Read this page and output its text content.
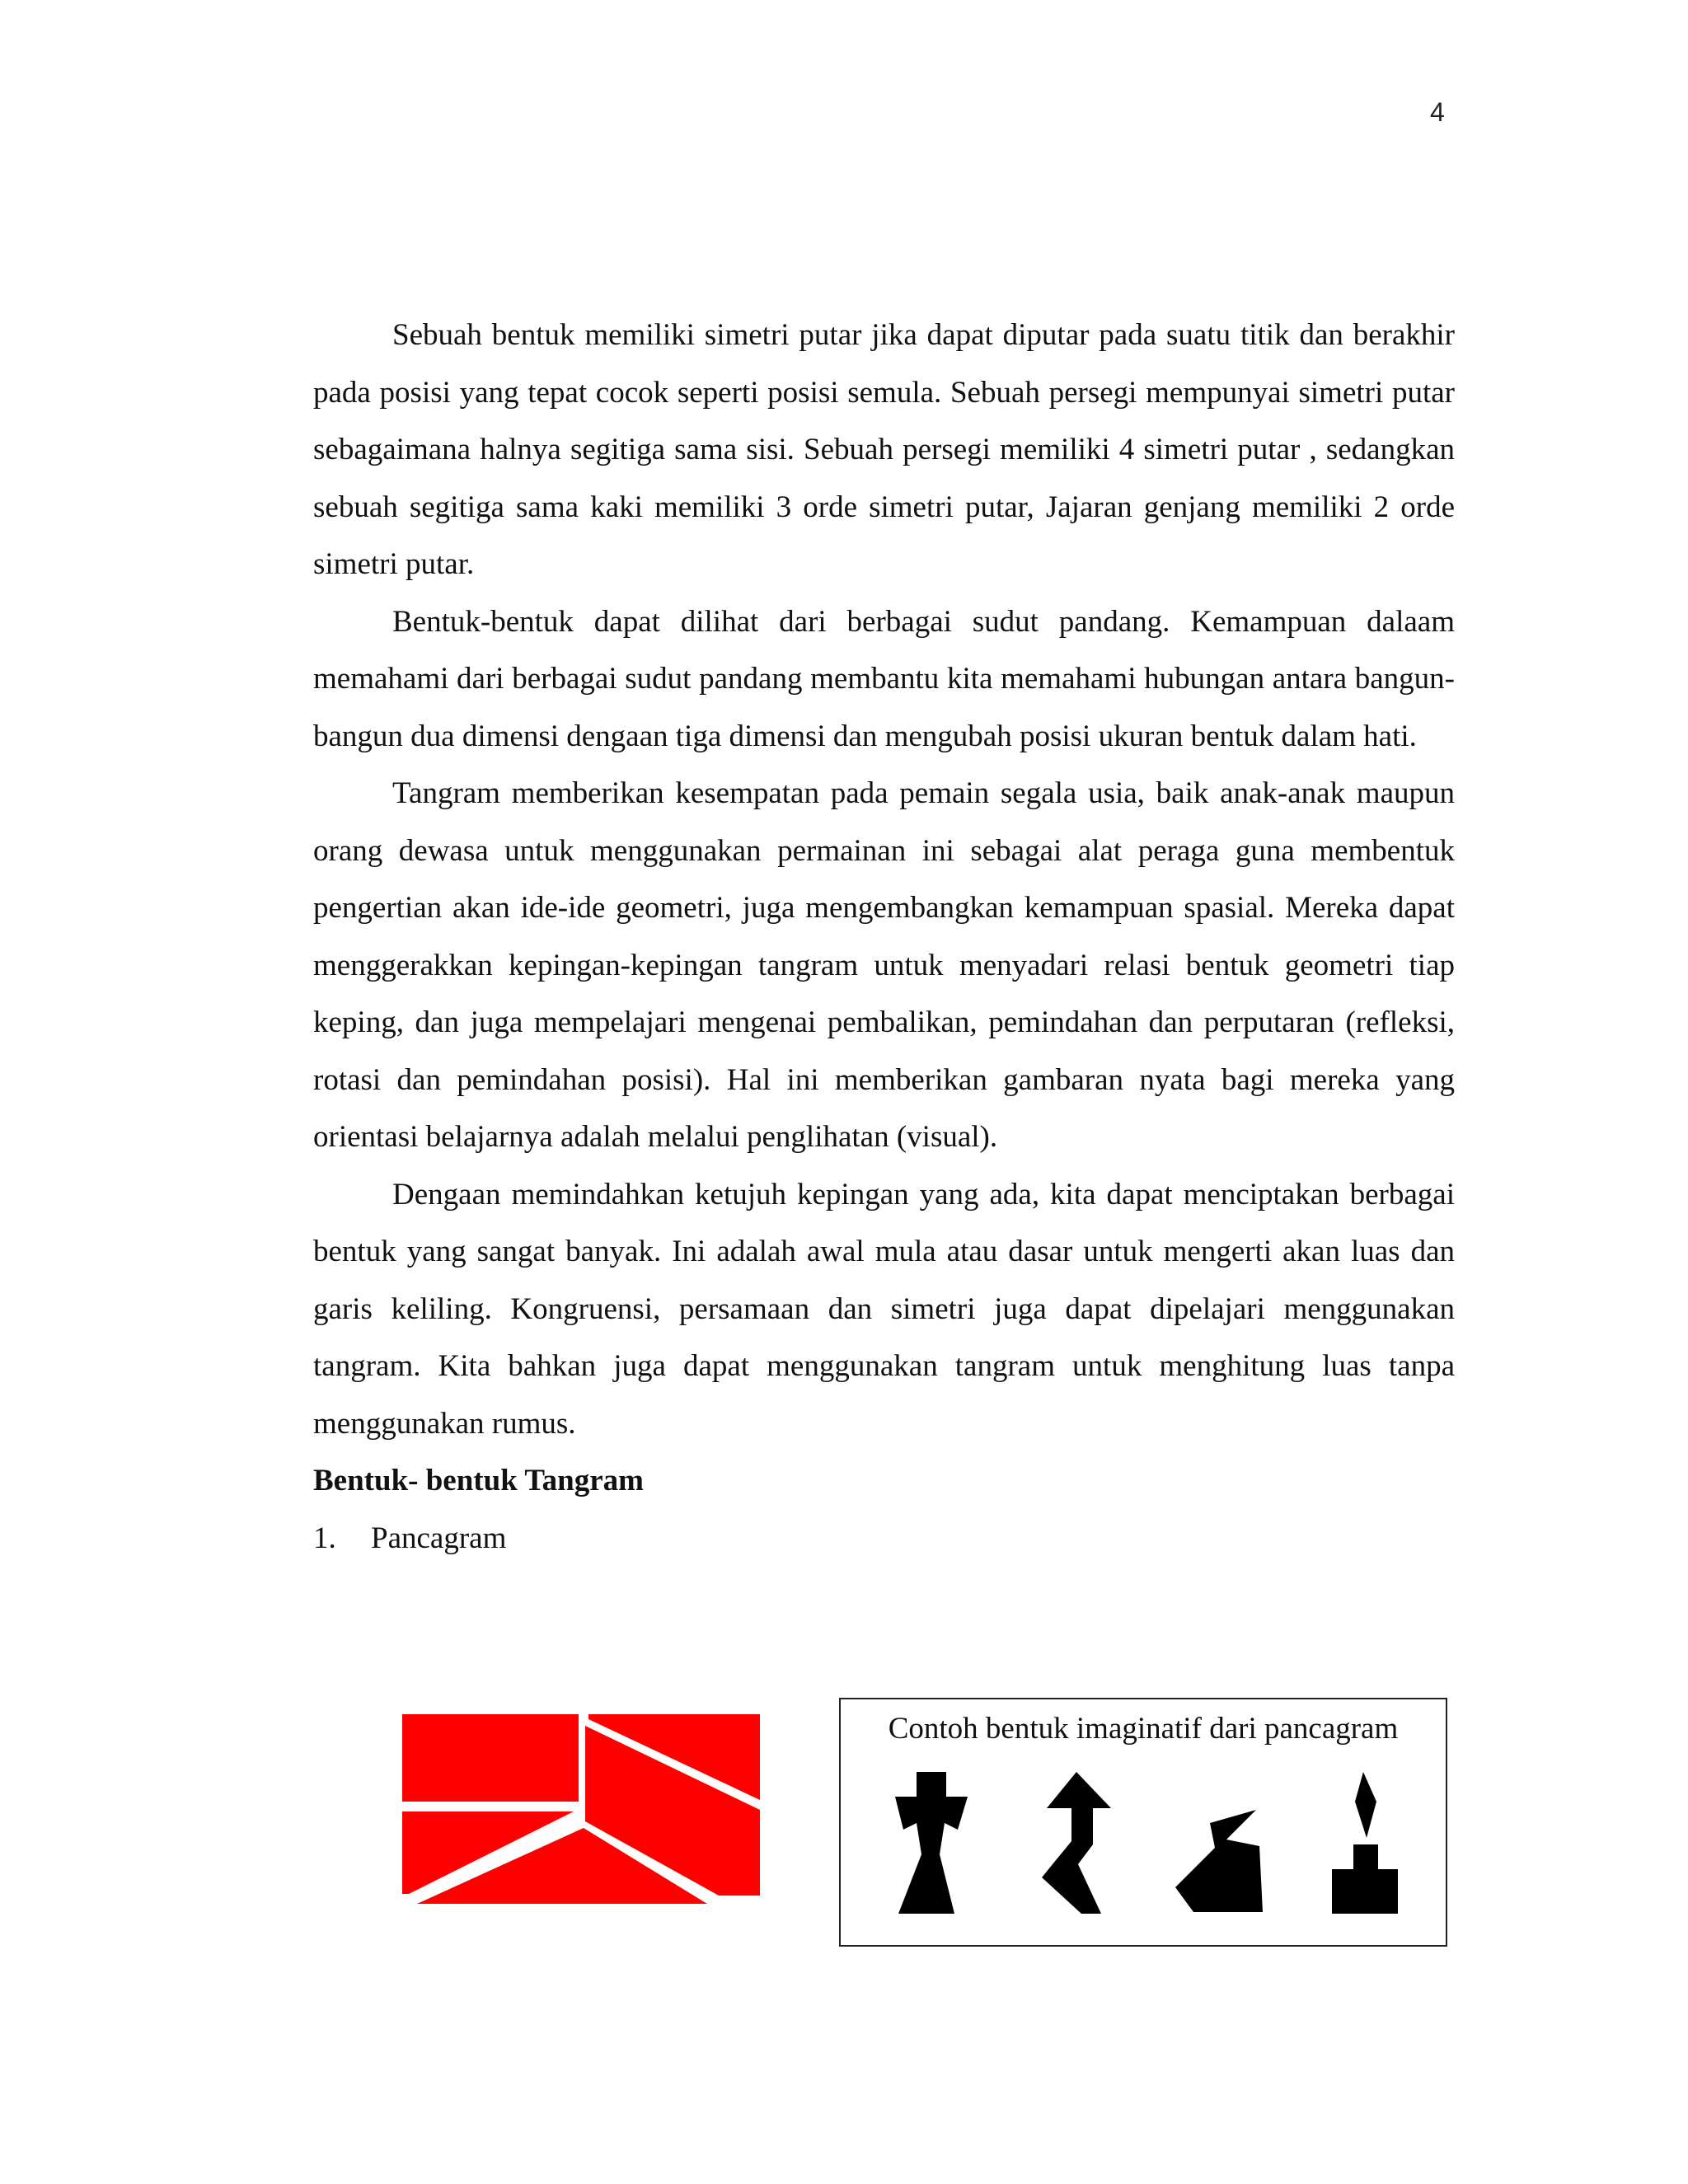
4

Sebuah bentuk memiliki simetri putar jika dapat diputar pada suatu titik dan berakhir pada posisi yang tepat cocok seperti posisi semula. Sebuah persegi mempunyai simetri putar sebagaimana halnya segitiga sama sisi. Sebuah persegi memiliki 4 simetri putar , sedangkan sebuah segitiga sama kaki memiliki 3 orde simetri putar, Jajaran genjang memiliki 2 orde simetri putar.

Bentuk-bentuk dapat dilihat dari berbagai sudut pandang. Kemampuan dalaam memahami dari berbagai sudut pandang membantu kita memahami hubungan antara bangun-bangun dua dimensi dengaan tiga dimensi dan mengubah posisi ukuran bentuk dalam hati.

Tangram memberikan kesempatan pada pemain segala usia, baik anak-anak maupun orang dewasa untuk menggunakan permainan ini sebagai alat peraga guna membentuk pengertian akan ide-ide geometri, juga mengembangkan kemampuan spasial. Mereka dapat menggerakkan kepingan-kepingan tangram untuk menyadari relasi bentuk geometri tiap keping, dan juga mempelajari mengenai pembalikan, pemindahan dan perputaran (refleksi, rotasi dan pemindahan posisi). Hal ini memberikan gambaran nyata bagi mereka yang orientasi belajarnya adalah melalui penglihatan (visual).

Dengaan memindahkan ketujuh kepingan yang ada, kita dapat menciptakan berbagai bentuk yang sangat banyak. Ini adalah awal mula atau dasar untuk mengerti akan luas dan garis keliling. Kongruensi, persamaan dan simetri juga dapat dipelajari menggunakan tangram. Kita bahkan juga dapat menggunakan tangram untuk menghitung luas tanpa menggunakan rumus.

Bentuk- bentuk Tangram

1. Pancagram

Contoh bentuk imaginatif dari pancagram
